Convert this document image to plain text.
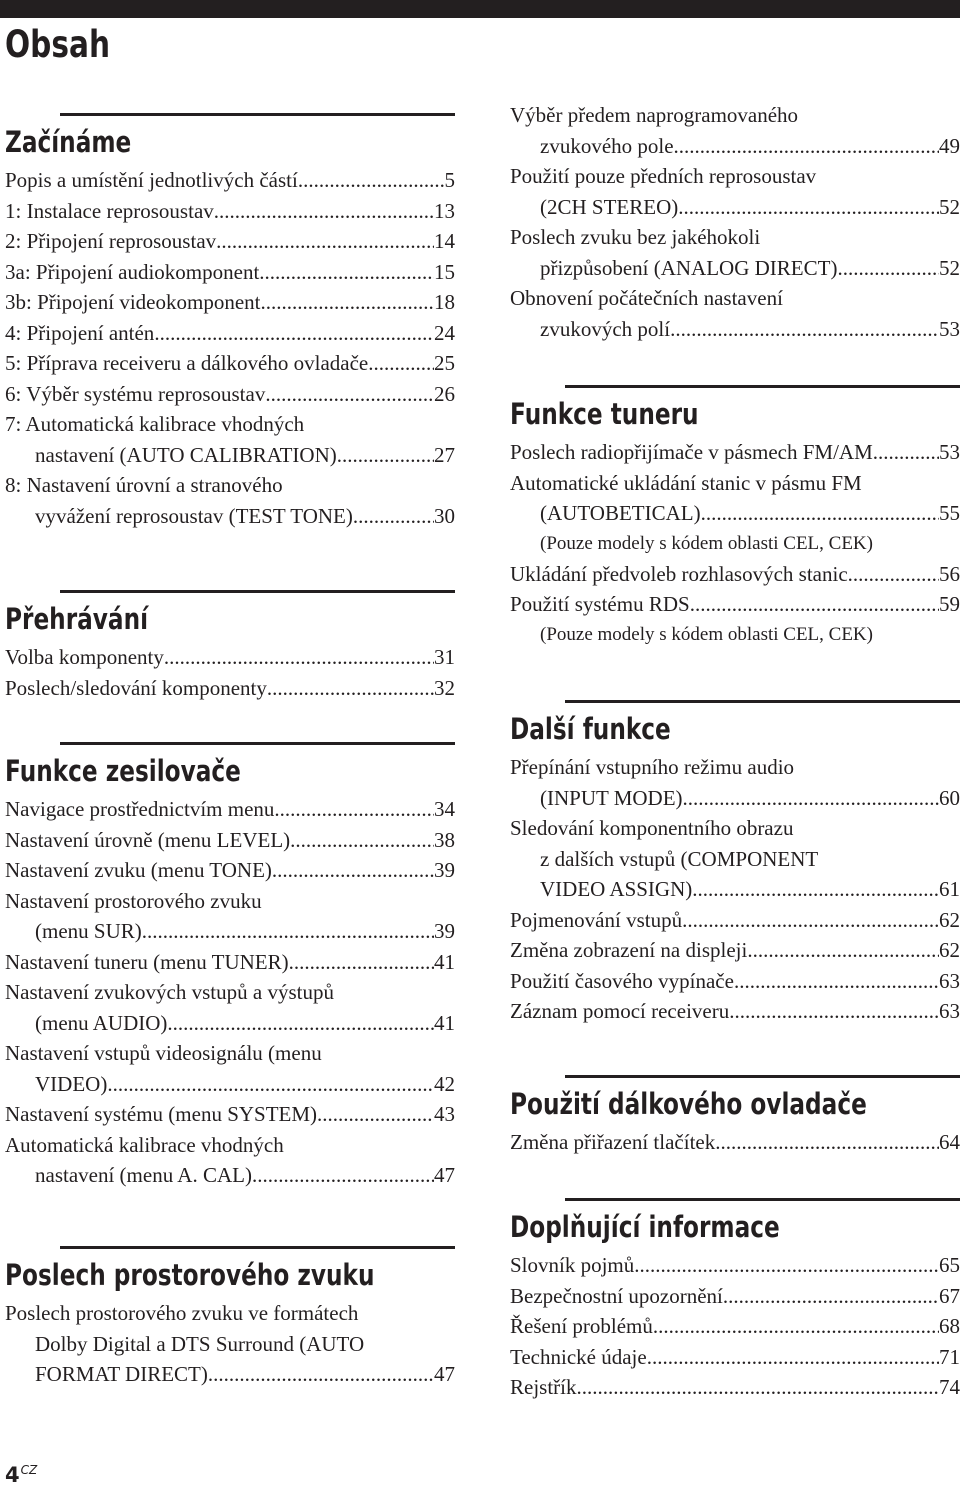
Obsah
Začínáme
Popis a umístění jednotlivých částí .....	5
1: Instalace reprosoustav .....	13
2: Připojení reprosoustav .....	14
3a: Připojení audiokomponent .....	15
3b: Připojení videokomponent .....	18
4: Připojení antén .....	24
5: Příprava receiveru a dálkového ovladače .....	25
6: Výběr systému reprosoustav .....	26
7: Automatická kalibrace vhodných
nastavení (AUTO CALIBRATION) .....	27
8: Nastavení úrovní a stranového
vyvážení reprosoustav (TEST TONE) .....	30
Přehrávání
Volba komponenty .....	31
Poslech/sledování komponenty .....	32
Funkce zesilovače
Navigace prostřednictvím menu .....	34
Nastavení úrovně (menu LEVEL) .....	38
Nastavení zvuku (menu TONE) .....	39
Nastavení prostorového zvuku
(menu SUR) .....	39
Nastavení tuneru (menu TUNER) .....	41
Nastavení zvukových vstupů a výstupů
(menu AUDIO) .....	41
Nastavení vstupů videosignálu (menu
VIDEO) .....	42
Nastavení systému (menu SYSTEM) .....	43
Automatická kalibrace vhodných
nastavení (menu A. CAL) .....	47
Poslech prostorového zvuku
Poslech prostorového zvuku ve formátech
Dolby Digital a DTS Surround (AUTO
FORMAT DIRECT) .....	47
Výběr předem naprogramovaného
zvukového pole .....	49
Použití pouze předních reprosoustav
(2CH STEREO) .....	52
Poslech zvuku bez jakéhokoli
přizpůsobení (ANALOG DIRECT) .....	52
Obnovení počátečních nastavení
zvukových polí .....	53
Funkce tuneru
Poslech radiopřijímače v pásmech FM/AM .....	53
Automatické ukládání stanic v pásmu FM
(AUTOBETICAL) .....	55
(Pouze modely s kódem oblasti CEL, CEK)
Ukládání předvoleb rozhlasových stanic .....	56
Použití systému RDS .....	59
(Pouze modely s kódem oblasti CEL, CEK)
Další funkce
Přepínání vstupního režimu audio
(INPUT MODE) .....	60
Sledování komponentního obrazu
z dalších vstupů (COMPONENT
VIDEO ASSIGN) .....	61
Pojmenování vstupů .....	62
Změna zobrazení na displeji .....	62
Použití časového vypínače .....	63
Záznam pomocí receiveru .....	63
Použití dálkového ovladače
Změna přiřazení tlačítek .....	64
Doplňující informace
Slovník pojmů .....	65
Bezpečnostní upozornění .....	67
Řešení problémů .....	68
Technické údaje .....	71
Rejstřík .....	74
$4^{CZ}$
